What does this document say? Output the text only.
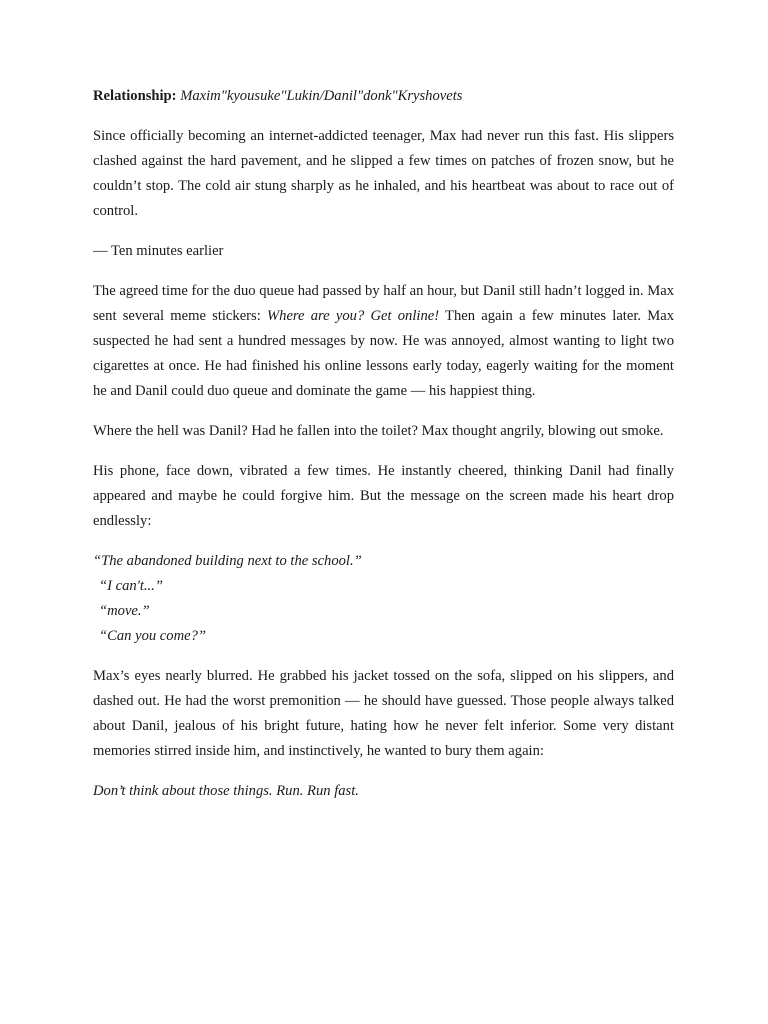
Relationship: Maxim"kyousuke"Lukin/Danil"donk"Kryshovets

Since officially becoming an internet-addicted teenager, Max had never run this fast. His slippers clashed against the hard pavement, and he slipped a few times on patches of frozen snow, but he couldn’t stop. The cold air stung sharply as he inhaled, and his heartbeat was about to race out of control.

— Ten minutes earlier

The agreed time for the duo queue had passed by half an hour, but Danil still hadn’t logged in. Max sent several meme stickers: Where are you? Get online! Then again a few minutes later. Max suspected he had sent a hundred messages by now. He was annoyed, almost wanting to light two cigarettes at once. He had finished his online lessons early today, eagerly waiting for the moment he and Danil could duo queue and dominate the game — his happiest thing.

Where the hell was Danil? Had he fallen into the toilet? Max thought angrily, blowing out smoke.

His phone, face down, vibrated a few times. He instantly cheered, thinking Danil had finally appeared and maybe he could forgive him. But the message on the screen made his heart drop endlessly:

“The abandoned building next to the school.”

“I can't...”

“move.”

“Can you come?”

Max’s eyes nearly blurred. He grabbed his jacket tossed on the sofa, slipped on his slippers, and dashed out. He had the worst premonition — he should have guessed. Those people always talked about Danil, jealous of his bright future, hating how he never felt inferior. Some very distant memories stirred inside him, and instinctively, he wanted to bury them again:

Don’t think about those things. Run. Run fast.
